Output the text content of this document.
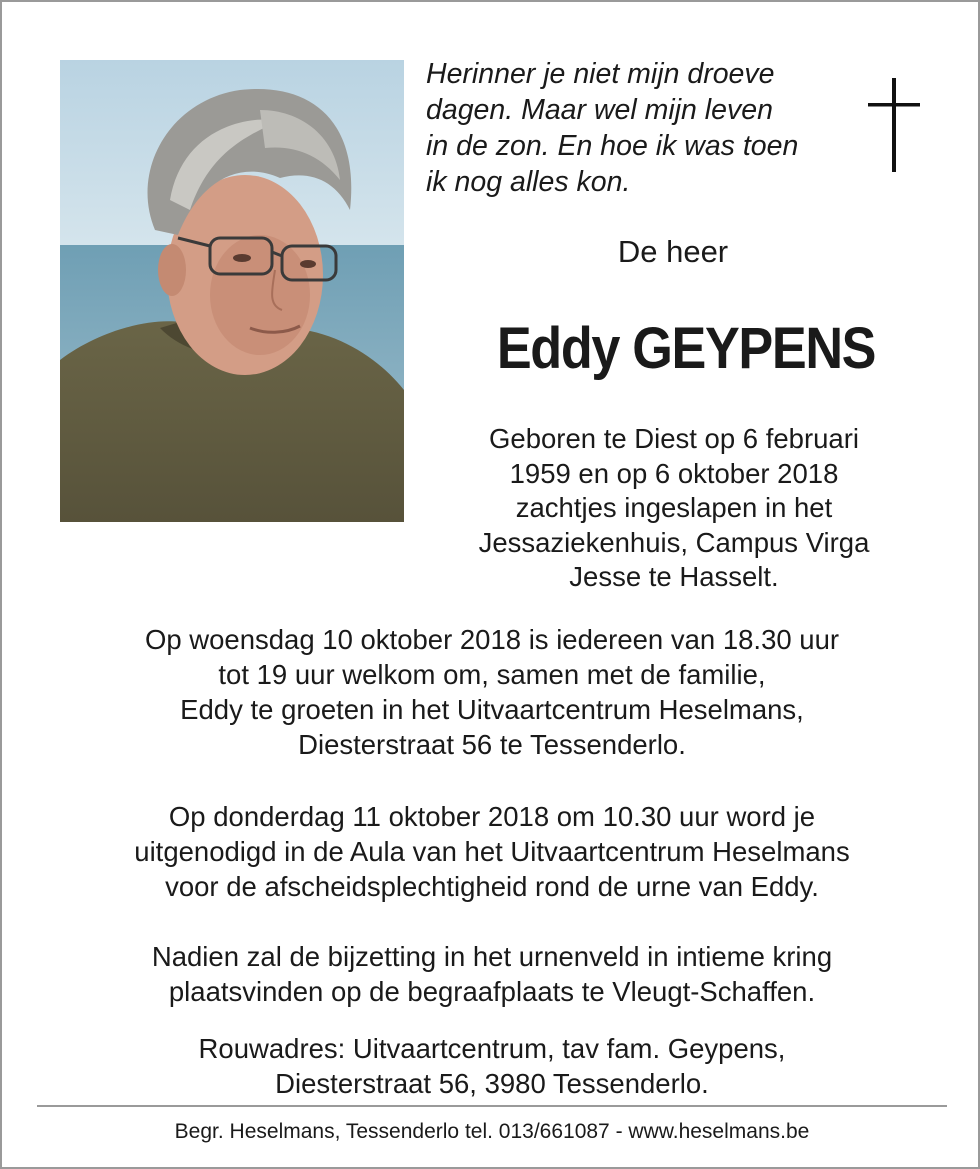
Herinner je niet mijn droeve
dagen. Maar wel mijn leven
in de zon. En hoe ik was toen
ik nog alles kon.
De heer
Eddy GEYPENS
Geboren te Diest op 6 februari
1959 en op 6 oktober 2018
zachtjes ingeslapen in het
Jessaziekenhuis, Campus Virga
Jesse te Hasselt.
Op woensdag 10 oktober 2018 is iedereen van 18.30 uur
tot 19 uur welkom om, samen met de familie,
Eddy te groeten in het Uitvaartcentrum Heselmans,
Diesterstraat 56 te Tessenderlo.
Op donderdag 11 oktober 2018 om 10.30 uur word je
uitgenodigd in de Aula van het Uitvaartcentrum Heselmans
voor de afscheidsplechtigheid rond de urne van Eddy.
Nadien zal de bijzetting in het urnenveld in intieme kring
plaatsvinden op de begraafplaats te Vleugt-Schaffen.
Rouwadres: Uitvaartcentrum, tav fam. Geypens,
Diesterstraat 56, 3980 Tessenderlo.
Begr. Heselmans, Tessenderlo tel. 013/661087 - www.heselmans.be
